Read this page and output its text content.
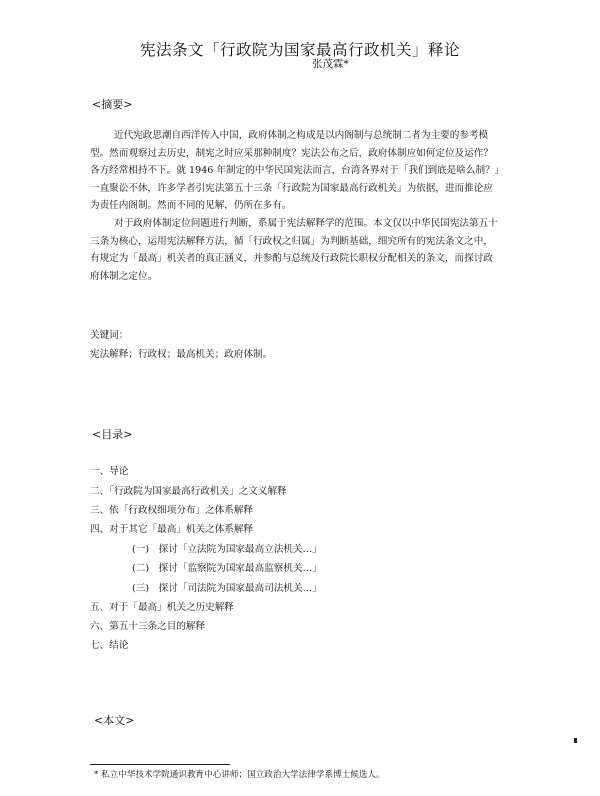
宪法条文「行政院为国家最高行政机关」释论
张茂霖*
<摘要>
近代宪政思潮自西洋传入中国，政府体制之构成是以内阁制与总统制二者为主要的参考模
型。然而观察过去历史，制宪之时应采那种制度？宪法公布之后，政府体制应如何定位及运作？
各方经常相持不下。就 1946 年制定的中华民国宪法而言，台湾各界对于「我们到底是啥么制？」
一直聚讼不休，许多学者引宪法第五十三条「行政院为国家最高行政机关」为依据，进而推论应
为责任内阁制。然而不同的见解，仍所在多有。
对于政府体制定位问题进行判断，系属于宪法解释学的范围。本文仅以中华民国宪法第五十
三条为核心，运用宪法解释方法，循「行政权之归属」为判断基础，细究所有的宪法条文之中，
有规定为「最高」机关者的真正涵义，并参酌与总统及行政院长职权分配相关的条文，而探讨政
府体制之定位。
关键词：
宪法解释；行政权；最高机关；政府体制。
<目录>
一、导论
二、「行政院为国家最高行政机关」之文义解释
三、依「行政权细项分布」之体系解释
四、对于其它「最高」机关之体系解释
(一)　探讨「立法院为国家最高立法机关…」
(二)　探讨「监察院为国家最高监察机关…」
(三)　探讨「司法院为国家最高司法机关…」
五、对于「最高」机关之历史解释
六、第五十三条之目的解释
七、结论
<本文>
* 私立中华技术学院通识教育中心讲师；国立政治大学法律学系博士候选人。
